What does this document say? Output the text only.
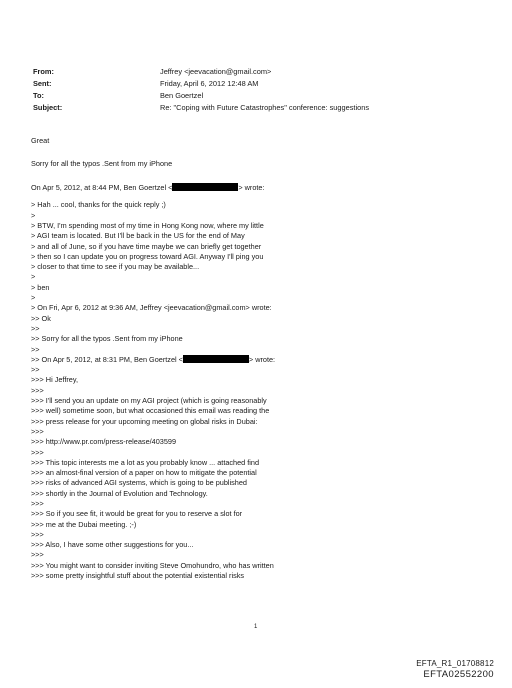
From:	Jeffrey <jeevacation@gmail.com>
Sent:	Friday, April 6, 2012 12:48 AM
To:	Ben Goertzel
Subject:	Re: "Coping with Future Catastrophes" conference: suggestions
Great
Sorry for all the typos .Sent from my iPhone
On Apr 5, 2012, at 8:44 PM, Ben Goertzel <	> wrote:
> Hah ... cool, thanks for the quick reply ;)
>
> BTW, I'm spending most of my time in Hong Kong now, where my little
> AGI team is located. But I'll be back in the US for the end of May
> and all of June, so if you have time maybe we can briefly get together
> then so I can update you on progress toward AGI. Anyway I'll ping you
> closer to that time to see if you may be available...
>
> ben
>
> On Fri, Apr 6, 2012 at 9:36 AM, Jeffrey <jeevacation@gmail.com> wrote:
>> Ok
>>
>> Sorry for all the typos .Sent from my iPhone
>>
>> On Apr 5, 2012, at 8:31 PM, Ben Goertzel <	> wrote:
>>
>>> Hi Jeffrey,
>>>
>>> I'll send you an update on my AGI project (which is going reasonably
>>> well) sometime soon, but what occasioned this email was reading the
>>> press release for your upcoming meeting on global risks in Dubai:
>>>
>>> http://www.pr.com/press-release/403599
>>>
>>> This topic interests me a lot as you probably know ... attached find
>>> an almost-final version of a paper on how to mitigate the potential
>>> risks of advanced AGI systems, which is going to be published
>>> shortly in the Journal of Evolution and Technology.
>>>
>>> So if you see fit, it would be great for you to reserve a slot for
>>> me at the Dubai meeting. ;-)
>>>
>>> Also, I have some other suggestions for you...
>>>
>>> You might want to consider inviting Steve Omohundro, who has written
>>> some pretty insightful stuff about the potential existential risks
1
EFTA_R1_01708812
EFTA02552200
